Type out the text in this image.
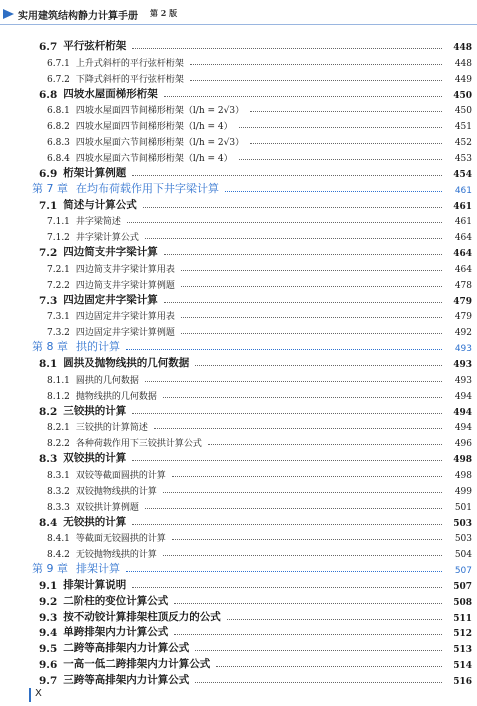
实用建筑结构静力计算手册 第 2 版
6.7 平行弦杆桁架	448
6.7.1 上升式斜杆的平行弦杆桁架	448
6.7.2 下降式斜杆的平行弦杆桁架	449
6.8 四坡水屋面梯形桁架	450
6.8.1 四坡水屋面四节间梯形桁架（l/h = 2√3）	450
6.8.2 四坡水屋面四节间梯形桁架（l/h = 4）	451
6.8.3 四坡水屋面六节间梯形桁架（l/h = 2√3）	452
6.8.4 四坡水屋面六节间梯形桁架（l/h = 4）	453
6.9 桁架计算例题	454
第 7 章 在均布荷载作用下井字梁计算	461
7.1 简述与计算公式	461
7.1.1 井字梁简述	461
7.1.2 井字梁计算公式	464
7.2 四边简支井字梁计算	464
7.2.1 四边简支井字梁计算用表	464
7.2.2 四边简支井字梁计算例题	478
7.3 四边固定井字梁计算	479
7.3.1 四边固定井字梁计算用表	479
7.3.2 四边固定井字梁计算例题	492
第 8 章 拱的计算	493
8.1 圆拱及抛物线拱的几何数据	493
8.1.1 圆拱的几何数据	493
8.1.2 抛物线拱的几何数据	494
8.2 三铰拱的计算	494
8.2.1 三铰拱的计算简述	494
8.2.2 各种荷载作用下三铰拱计算公式	496
8.3 双铰拱的计算	498
8.3.1 双铰等截面圆拱的计算	498
8.3.2 双铰抛物线拱的计算	499
8.3.3 双铰拱计算例题	501
8.4 无铰拱的计算	503
8.4.1 等截面无铰圆拱的计算	503
8.4.2 无铰抛物线拱的计算	504
第 9 章 排架计算	507
9.1 排架计算说明	507
9.2 二阶柱的变位计算公式	508
9.3 按不动铰计算排架柱顶反力的公式	511
9.4 单跨排架内力计算公式	512
9.5 二跨等高排架内力计算公式	513
9.6 一高一低二跨排架内力计算公式	514
9.7 三跨等高排架内力计算公式	516
X
